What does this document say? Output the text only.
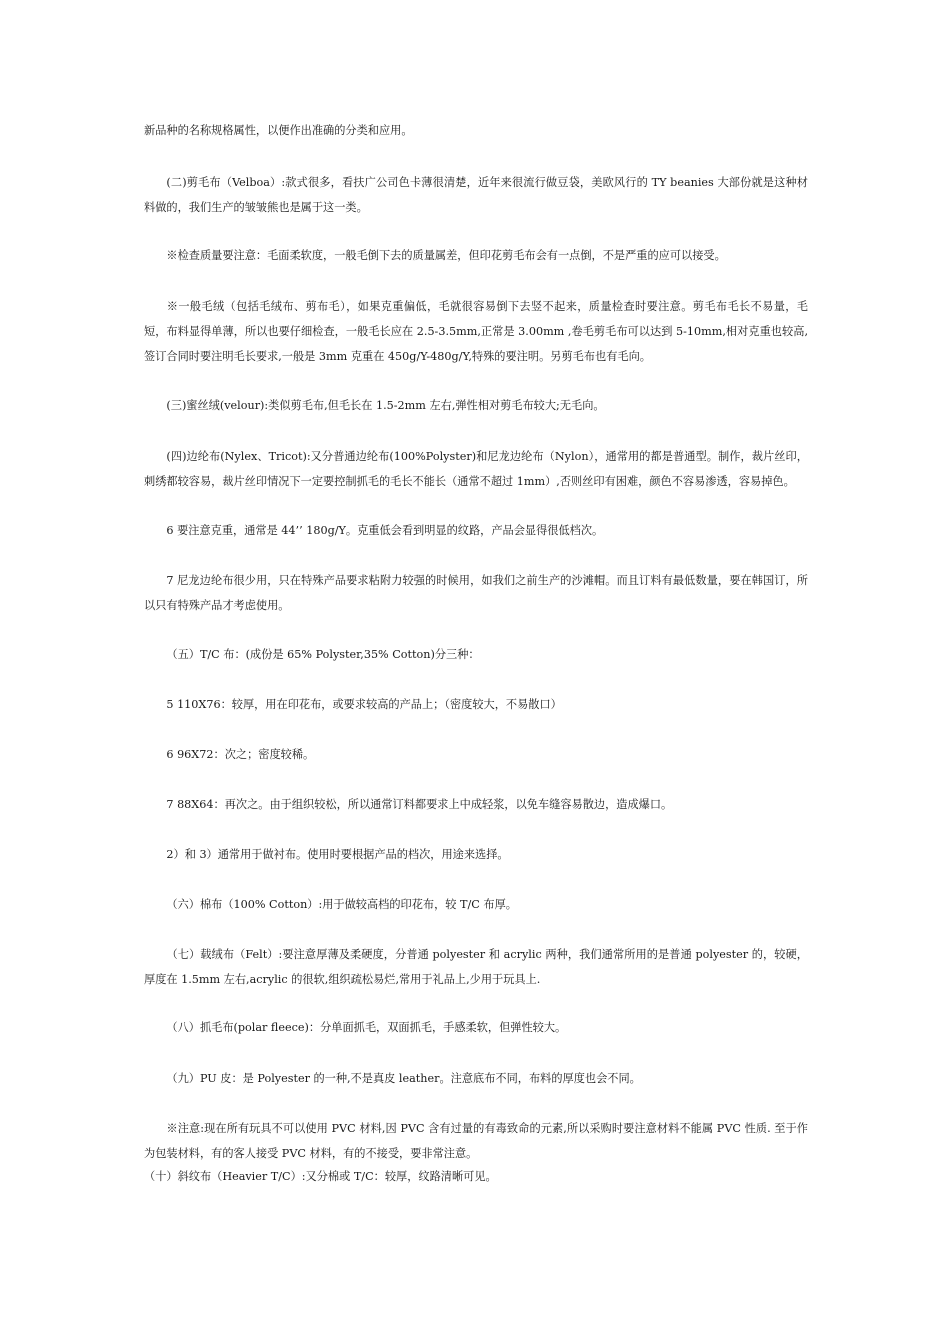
新品种的名称规格属性，以便作出准确的分类和应用。

(二)剪毛布（Velboa）:款式很多，看扶广公司色卡薄很清楚，近年来很流行做豆袋，美欧风行的 TY beanies 大部份就是这种材料做的，我们生产的皱皱熊也是属于这一类。

※检查质量要注意：毛面柔软度，一般毛倒下去的质量属差，但印花剪毛布会有一点倒，不是严重的应可以接受。

※一般毛绒（包括毛绒布、剪布毛），如果克重偏低，毛就很容易倒下去竖不起来，质量检查时要注意。剪毛布毛长不易量，毛短，布料显得单薄，所以也要仔细检查，一般毛长应在 2.5-3.5mm,正常是 3.00mm ,卷毛剪毛布可以达到 5-10mm,相对克重也较高,签订合同时要注明毛长要求,一般是 3mm 克重在 450g/Y-480g/Y,特殊的要注明。另剪毛布也有毛向。

(三)蜜丝绒(velour):类似剪毛布,但毛长在 1.5-2mm 左右,弹性相对剪毛布较大;无毛向。

(四)边纶布(Nylex、Tricot):又分普通边纶布(100%Polyster)和尼龙边纶布（Nylon），通常用的都是普通型。制作，裁片丝印，刺绣都较容易，裁片丝印情况下一定要控制抓毛的毛长不能长（通常不超过 1mm）,否则丝印有困难，颜色不容易渗透，容易掉色。

6 要注意克重，通常是 44’’ 180g/Y。克重低会看到明显的纹路，产品会显得很低档次。

7 尼龙边纶布很少用，只在特殊产品要求粘附力较强的时候用，如我们之前生产的沙滩帽。而且订料有最低数量，要在韩国订，所以只有特殊产品才考虑使用。

（五）T/C 布：(成份是 65% Polyster,35% Cotton)分三种：

5 110X76：较厚，用在印花布，或要求较高的产品上；（密度较大，不易散口）

6 96X72：次之；密度较稀。

7 88X64：再次之。由于组织较松，所以通常订料都要求上中成轻浆，以免车缝容易散边，造成爆口。

2）和 3）通常用于做衬布。使用时要根据产品的档次，用途来选择。

（六）棉布（100% Cotton）:用于做较高档的印花布，较 T/C 布厚。

（七）载绒布（Felt）:要注意厚薄及柔硬度，分普通 polyester 和 acrylic 两种，我们通常所用的是普通 polyester 的，较硬，厚度在 1.5mm 左右,acrylic 的很软,组织疏松易烂,常用于礼品上,少用于玩具上.

（八）抓毛布(polar fleece)：分单面抓毛，双面抓毛，手感柔软，但弹性较大。

（九）PU 皮：是 Polyester 的一种,不是真皮 leather。注意底布不同，布料的厚度也会不同。

※注意:现在所有玩具不可以使用 PVC 材料,因 PVC 含有过量的有毒致命的元素,所以采购时要注意材料不能属 PVC 性质. 至于作为包装材料，有的客人接受 PVC 材料，有的不接受，要非常注意。

（十）斜纹布（Heavier T/C）:又分棉或 T/C：较厚，纹路清晰可见。
